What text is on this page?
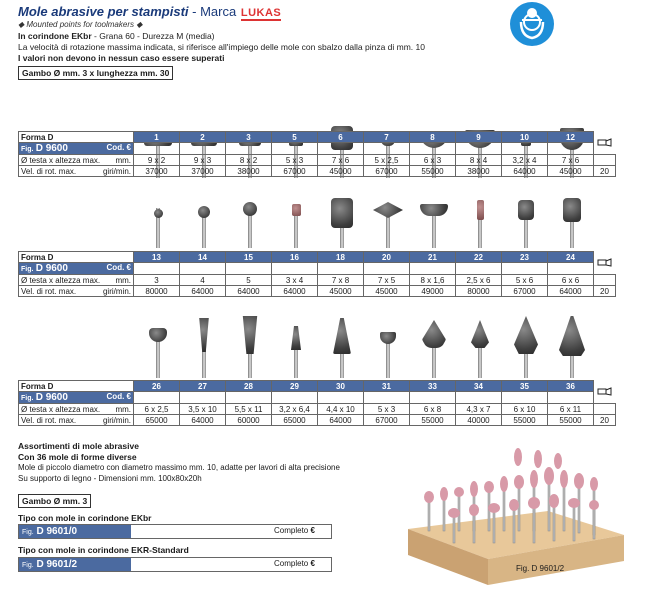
Mole abrasive per stampisti - Marca LUKAS
◆ Mounted points for toolmakers ◆
In corindone EKbr - Grana 60 - Durezza M (media)
La velocità di rotazione massima indicata, si riferisce all'impiego delle mole con sbalzo dalla pinza di mm. 10
I valori non devono in nessun caso essere superati
Gambo Ø mm. 3 x lunghezza mm. 30
Forma D	1	2	3	5	6	7	8	9	10	12		

Fig. D 9600 Cod. €												

Ø testa x altezza max. mm.	9 x 2	9 x 3	8 x 2	5 x 3	7 x 6	5 x 2,5	6 x 3	8 x 4	3,2 x 4	7 x 6		

Vel. di rot. max. giri/min.	37000	37000	38000	67000	45000	67000	55000	38000	64000	45000	20	
Forma D	13	14	15	16	18	20	21	22	23	24		

Fig. D 9600 Cod. €												

Ø testa x altezza max. mm.	3	4	5	3 x 4	7 x 8	7 x 5	8 x 1,6	2,5 x 6	5 x 6	6 x 6		

Vel. di rot. max. giri/min.	80000	64000	64000	64000	45000	45000	49000	80000	67000	64000	20	
Forma D	26	27	28	29	30	31	33	34	35	36		

Fig. D 9600 Cod. €												

Ø testa x altezza max. mm.	6 x 2,5	3,5 x 10	5,5 x 11	3,2 x 6,4	4,4 x 10	5 x 3	6 x 8	4,3 x 7	6 x 10	6 x 11		

Vel. di rot. max. giri/min.	65000	64000	60000	65000	64000	67000	55000	40000	55000	55000	20	
Assortimenti di mole abrasive
Con 36 mole di forme diverse
Mole di piccolo diametro con diametro massimo mm. 10, adatte per lavori di alta precisione
Su supporto di legno - Dimensioni mm. 100x80x20h
Gambo Ø mm. 3
Tipo con mole in corindone EKbr
Fig. D 9601/0	Completo €
Tipo con mole in corindone EKR-Standard
Fig. D 9601/2	Completo €
Fig. D 9601/2
